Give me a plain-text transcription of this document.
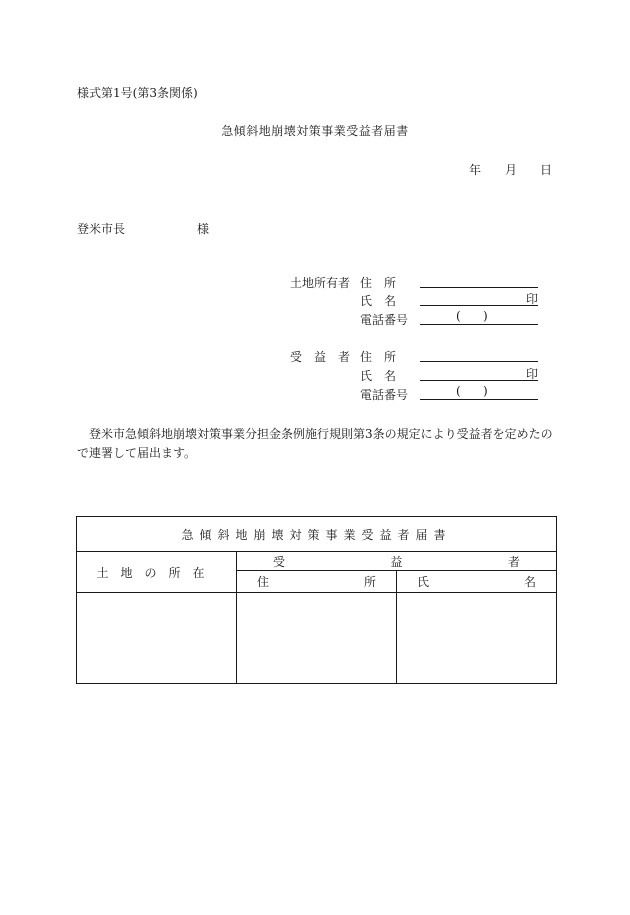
様式第1号(第3条関係)
急傾斜地崩壊対策事業受益者届書
年 月 日
登米市長	様
土地所有者 住　所
氏　名	印
電話番号	( )
受　益　者 住　所
氏　名	印
電話番号	( )
登米市急傾斜地崩壊対策事業分担金条例施行規則第3条の規定により受益者を定めたので連署して届出ます。
急傾斜地崩壊対策事業受益者届書		
土地の所在	受 益 者	

	住 所	氏 名
